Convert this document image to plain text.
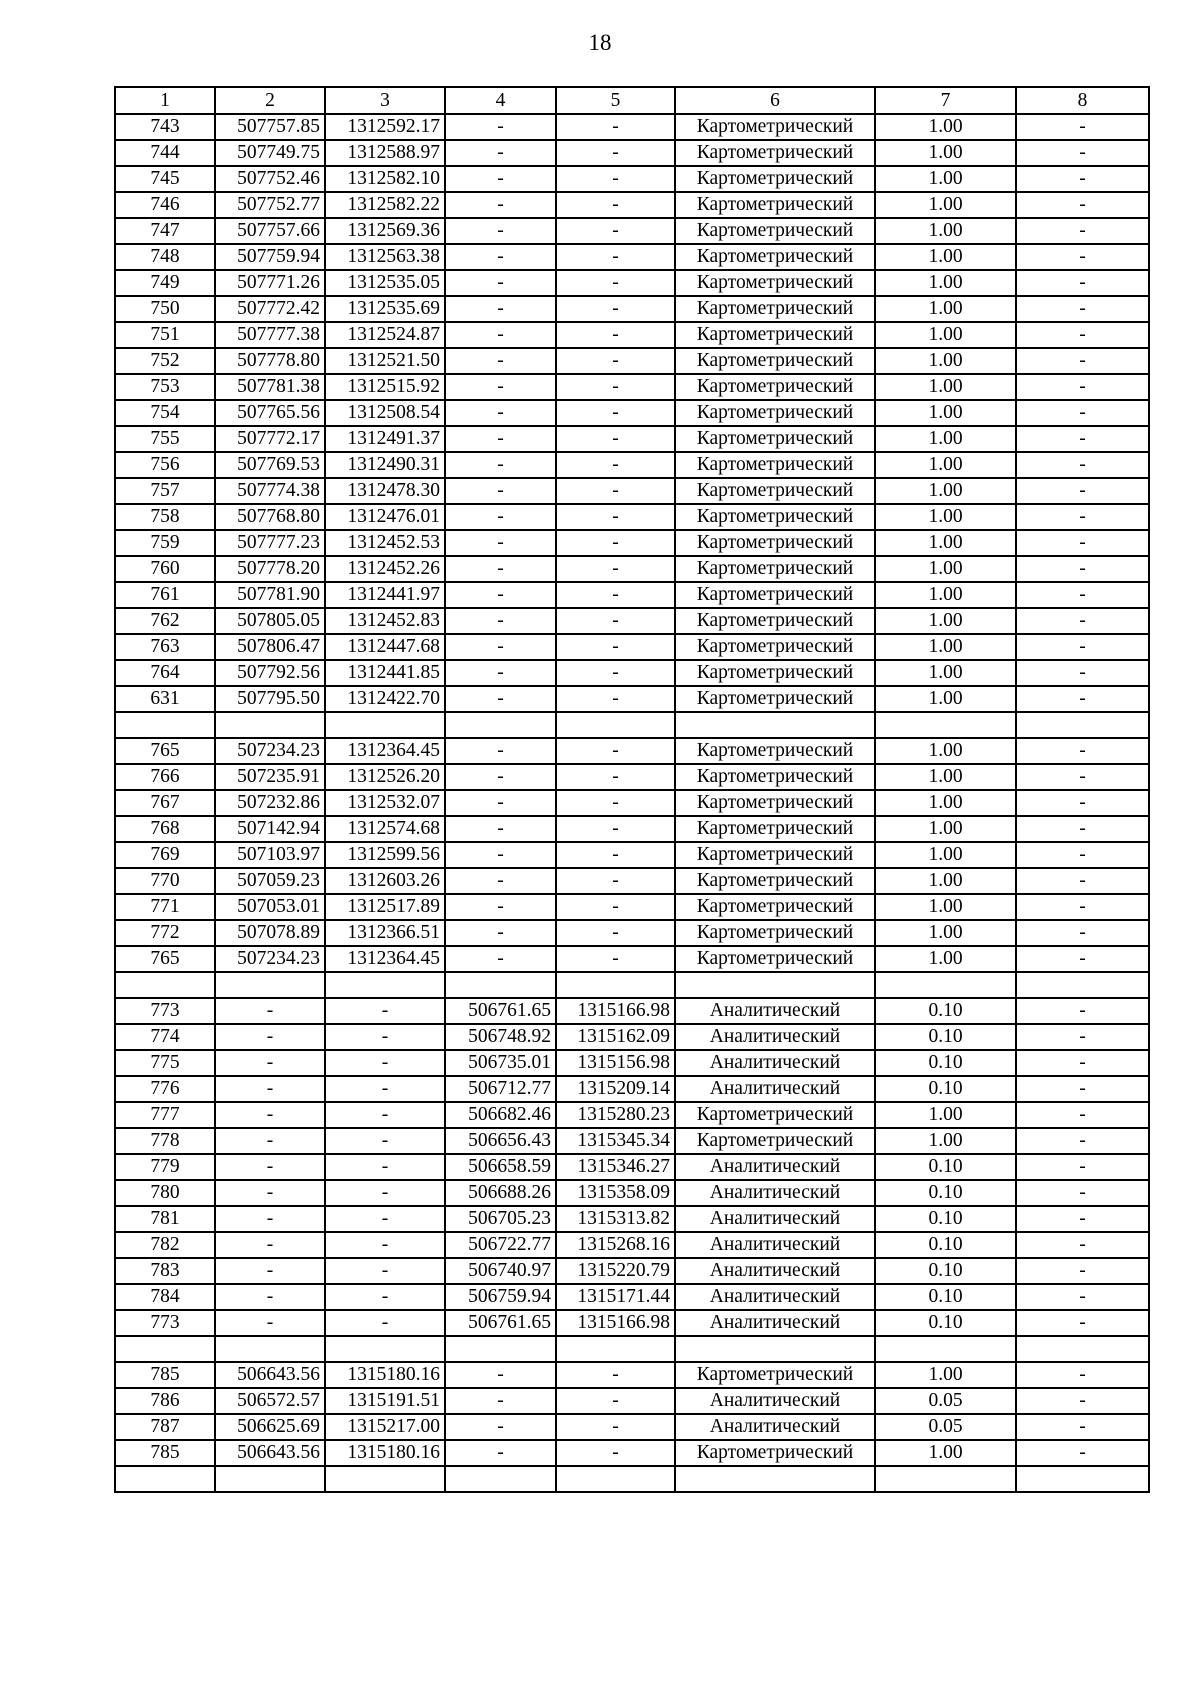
18
1	2	3	4	5	6	7	8
743	507757.85	1312592.17	-	-	Картометрический	1.00	-
744	507749.75	1312588.97	-	-	Картометрический	1.00	-
745	507752.46	1312582.10	-	-	Картометрический	1.00	-
746	507752.77	1312582.22	-	-	Картометрический	1.00	-
747	507757.66	1312569.36	-	-	Картометрический	1.00	-
748	507759.94	1312563.38	-	-	Картометрический	1.00	-
749	507771.26	1312535.05	-	-	Картометрический	1.00	-
750	507772.42	1312535.69	-	-	Картометрический	1.00	-
751	507777.38	1312524.87	-	-	Картометрический	1.00	-
752	507778.80	1312521.50	-	-	Картометрический	1.00	-
753	507781.38	1312515.92	-	-	Картометрический	1.00	-
754	507765.56	1312508.54	-	-	Картометрический	1.00	-
755	507772.17	1312491.37	-	-	Картометрический	1.00	-
756	507769.53	1312490.31	-	-	Картометрический	1.00	-
757	507774.38	1312478.30	-	-	Картометрический	1.00	-
758	507768.80	1312476.01	-	-	Картометрический	1.00	-
759	507777.23	1312452.53	-	-	Картометрический	1.00	-
760	507778.20	1312452.26	-	-	Картометрический	1.00	-
761	507781.90	1312441.97	-	-	Картометрический	1.00	-
762	507805.05	1312452.83	-	-	Картометрический	1.00	-
763	507806.47	1312447.68	-	-	Картометрический	1.00	-
764	507792.56	1312441.85	-	-	Картометрический	1.00	-
631	507795.50	1312422.70	-	-	Картометрический	1.00	-

765	507234.23	1312364.45	-	-	Картометрический	1.00	-
766	507235.91	1312526.20	-	-	Картометрический	1.00	-
767	507232.86	1312532.07	-	-	Картометрический	1.00	-
768	507142.94	1312574.68	-	-	Картометрический	1.00	-
769	507103.97	1312599.56	-	-	Картометрический	1.00	-
770	507059.23	1312603.26	-	-	Картометрический	1.00	-
771	507053.01	1312517.89	-	-	Картометрический	1.00	-
772	507078.89	1312366.51	-	-	Картометрический	1.00	-
765	507234.23	1312364.45	-	-	Картометрический	1.00	-

773	-	-	506761.65	1315166.98	Аналитический	0.10	-
774	-	-	506748.92	1315162.09	Аналитический	0.10	-
775	-	-	506735.01	1315156.98	Аналитический	0.10	-
776	-	-	506712.77	1315209.14	Аналитический	0.10	-
777	-	-	506682.46	1315280.23	Картометрический	1.00	-
778	-	-	506656.43	1315345.34	Картометрический	1.00	-
779	-	-	506658.59	1315346.27	Аналитический	0.10	-
780	-	-	506688.26	1315358.09	Аналитический	0.10	-
781	-	-	506705.23	1315313.82	Аналитический	0.10	-
782	-	-	506722.77	1315268.16	Аналитический	0.10	-
783	-	-	506740.97	1315220.79	Аналитический	0.10	-
784	-	-	506759.94	1315171.44	Аналитический	0.10	-
773	-	-	506761.65	1315166.98	Аналитический	0.10	-

785	506643.56	1315180.16	-	-	Картометрический	1.00	-
786	506572.57	1315191.51	-	-	Аналитический	0.05	-
787	506625.69	1315217.00	-	-	Аналитический	0.05	-
785	506643.56	1315180.16	-	-	Картометрический	1.00	-
